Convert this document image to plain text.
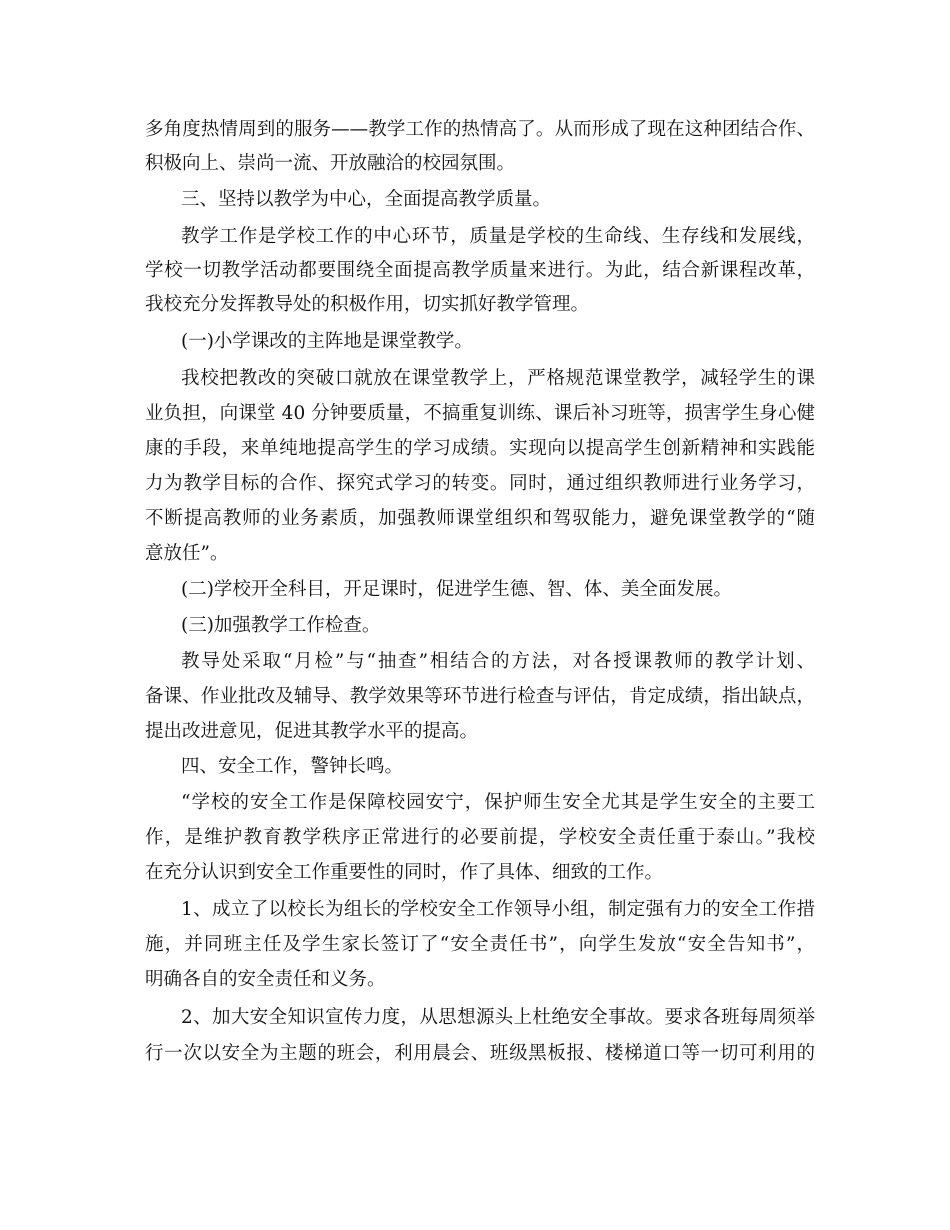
多角度热情周到的服务——教学工作的热情高了。从而形成了现在这种团结合作、
积极向上、崇尚一流、开放融洽的校园氛围。
三、坚持以教学为中心，全面提高教学质量。
教学工作是学校工作的中心环节，质量是学校的生命线、生存线和发展线，
学校一切教学活动都要围绕全面提高教学质量来进行。为此，结合新课程改革，
我校充分发挥教导处的积极作用，切实抓好教学管理。
(一)小学课改的主阵地是课堂教学。
我校把教改的突破口就放在课堂教学上，严格规范课堂教学，减轻学生的课
业负担，向课堂 40 分钟要质量，不搞重复训练、课后补习班等，损害学生身心健
康的手段，来单纯地提高学生的学习成绩。实现向以提高学生创新精神和实践能
力为教学目标的合作、探究式学习的转变。同时，通过组织教师进行业务学习，
不断提高教师的业务素质，加强教师课堂组织和驾驭能力，避免课堂教学的“随
意放任”。
(二)学校开全科目，开足课时，促进学生德、智、体、美全面发展。
(三)加强教学工作检查。
教导处采取“月检”与“抽查”相结合的方法，对各授课教师的教学计划、
备课、作业批改及辅导、教学效果等环节进行检查与评估，肯定成绩，指出缺点，
提出改进意见，促进其教学水平的提高。
四、安全工作，警钟长鸣。
“学校的安全工作是保障校园安宁，保护师生安全尤其是学生安全的主要工
作，是维护教育教学秩序正常进行的必要前提，学校安全责任重于泰山。”我校
在充分认识到安全工作重要性的同时，作了具体、细致的工作。
1、成立了以校长为组长的学校安全工作领导小组，制定强有力的安全工作措
施，并同班主任及学生家长签订了“安全责任书”，向学生发放“安全告知书”，
明确各自的安全责任和义务。
2、加大安全知识宣传力度，从思想源头上杜绝安全事故。要求各班每周须举
行一次以安全为主题的班会，利用晨会、班级黑板报、楼梯道口等一切可利用的
